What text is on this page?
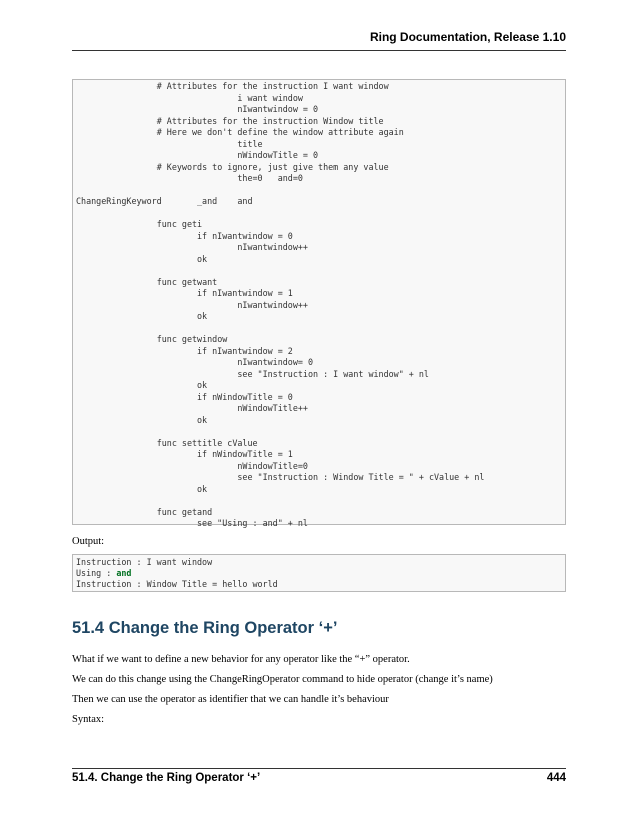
Ring Documentation, Release 1.10
		# Attributes for the instruction I want window
				i want window
				nIwantwindow = 0
		# Attributes for the instruction Window title
		# Here we don't define the window attribute again
				title
				nWindowTitle = 0
		# Keywords to ignore, just give them any value
				the=0   and=0
ChangeRingKeyword	_and	and
		func geti
			if nIwantwindow = 0
				nIwantwindow++
			ok
		func getwant
			if nIwantwindow = 1
				nIwantwindow++
			ok
		func getwindow
			if nIwantwindow = 2
				nIwantwindow= 0
				see "Instruction : I want window" + nl
			ok
			if nWindowTitle = 0
				nWindowTitle++
			ok
		func settitle cValue
			if nWindowTitle = 1
				nWindowTitle=0
				see "Instruction : Window Title = " + cValue + nl
			ok
		func getand
			see "Using : and" + nl
Output:
Instruction : I want window
Using : and
Instruction : Window Title = hello world
51.4 Change the Ring Operator ‘+’
What if we want to define a new behavior for any operator like the “+” operator.
We can do this change using the ChangeRingOperator command to hide operator (change it’s name)
Then we can use the operator as identifier that we can handle it’s behaviour
Syntax:
51.4. Change the Ring Operator ‘+’	444
